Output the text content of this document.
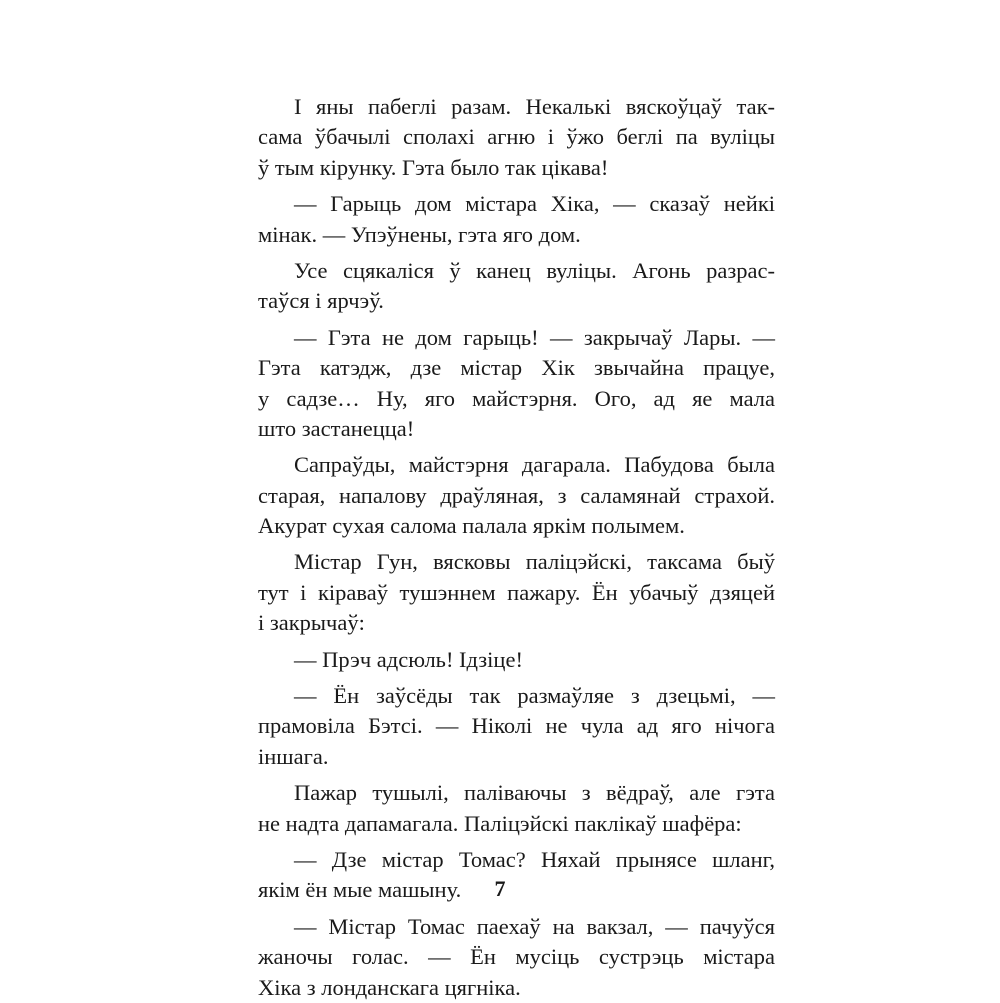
І яны пабеглі разам. Некалькі вяскоўцаў так-
сама ўбачылі сполахі агню і ўжо беглі па вуліцы
ў тым кірунку. Гэта было так цікава!
— Гарыць дом містара Хіка, — сказаў нейкі
мінак. — Упэўнены, гэта яго дом.
Усе сцякаліся ў канец вуліцы. Агонь разрас-
таўся і ярчэў.
— Гэта не дом гарыць! — закрычаў Лары. —
Гэта катэдж, дзе містар Хік звычайна працуе,
у садзе… Ну, яго майстэрня. Ого, ад яе мала
што застанецца!
Сапраўды, майстэрня дагарала. Пабудова была
старая, напалову драўляная, з саламянай страхой.
Акурат сухая салома палала яркім полымем.
Містар Гун, вясковы паліцэйскі, таксама быў
тут і кіраваў тушэннем пажару. Ён убачыў дзяцей
і закрычаў:
— Прэч адсюль! Ідзіце!
— Ён заўсёды так размаўляе з дзецьмі, —
прамовіла Бэтсі. — Ніколі не чула ад яго нічога
іншага.
Пажар тушылі, паліваючы з вёдраў, але гэта
не надта дапамагала. Паліцэйскі паклікаў шафёра:
— Дзе містар Томас? Няхай прынясе шланг,
якім ён мые машыну.
— Містар Томас паехаў на вакзал, — пачуўся
жаночы голас. — Ён мусіць сустрэць містара
Хіка з лонданскага цягніка.
7
